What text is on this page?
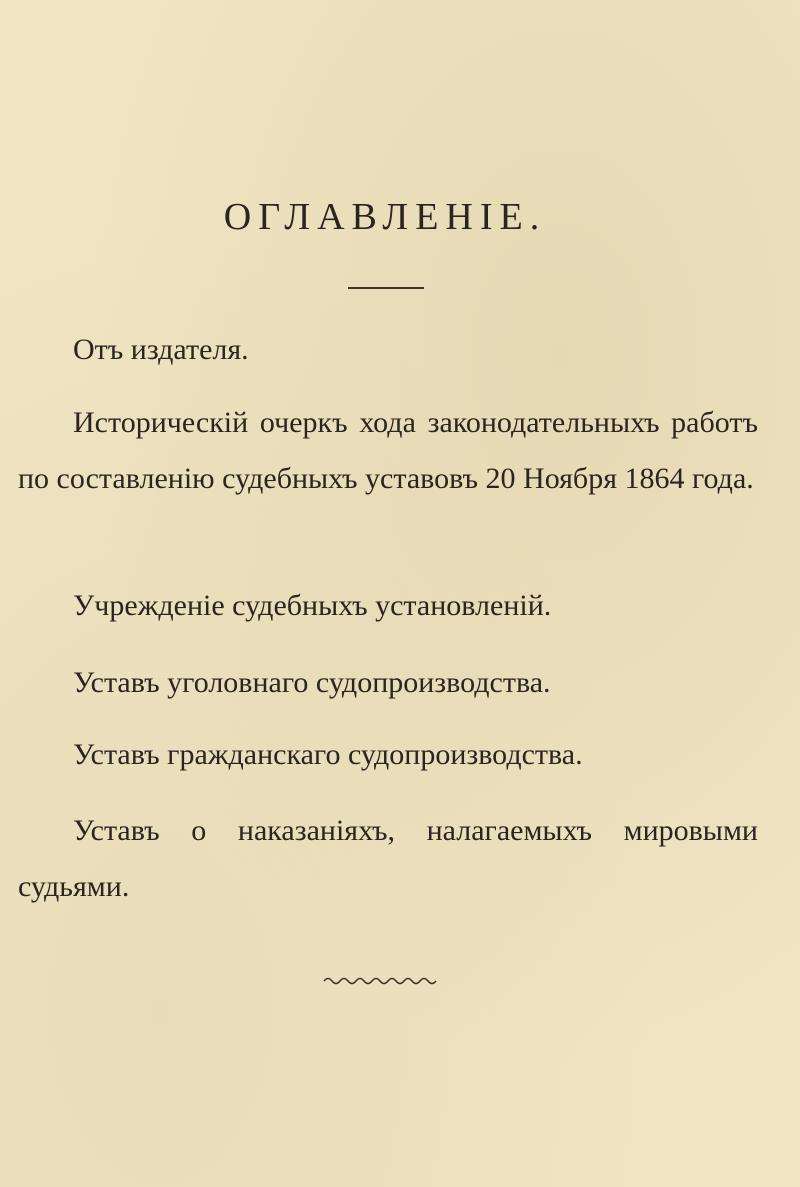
ОГЛАВЛЕНІЕ.
Отъ издателя.
Историческій очеркъ хода законодательныхъ работъ по составленію судебныхъ уставовъ 20 Ноября 1864 года.
Учрежденіе судебныхъ установленій.
Уставъ уголовнаго судопроизводства.
Уставъ гражданскаго судопроизводства.
Уставъ о наказаніяхъ, налагаемыхъ мировыми судьями.
